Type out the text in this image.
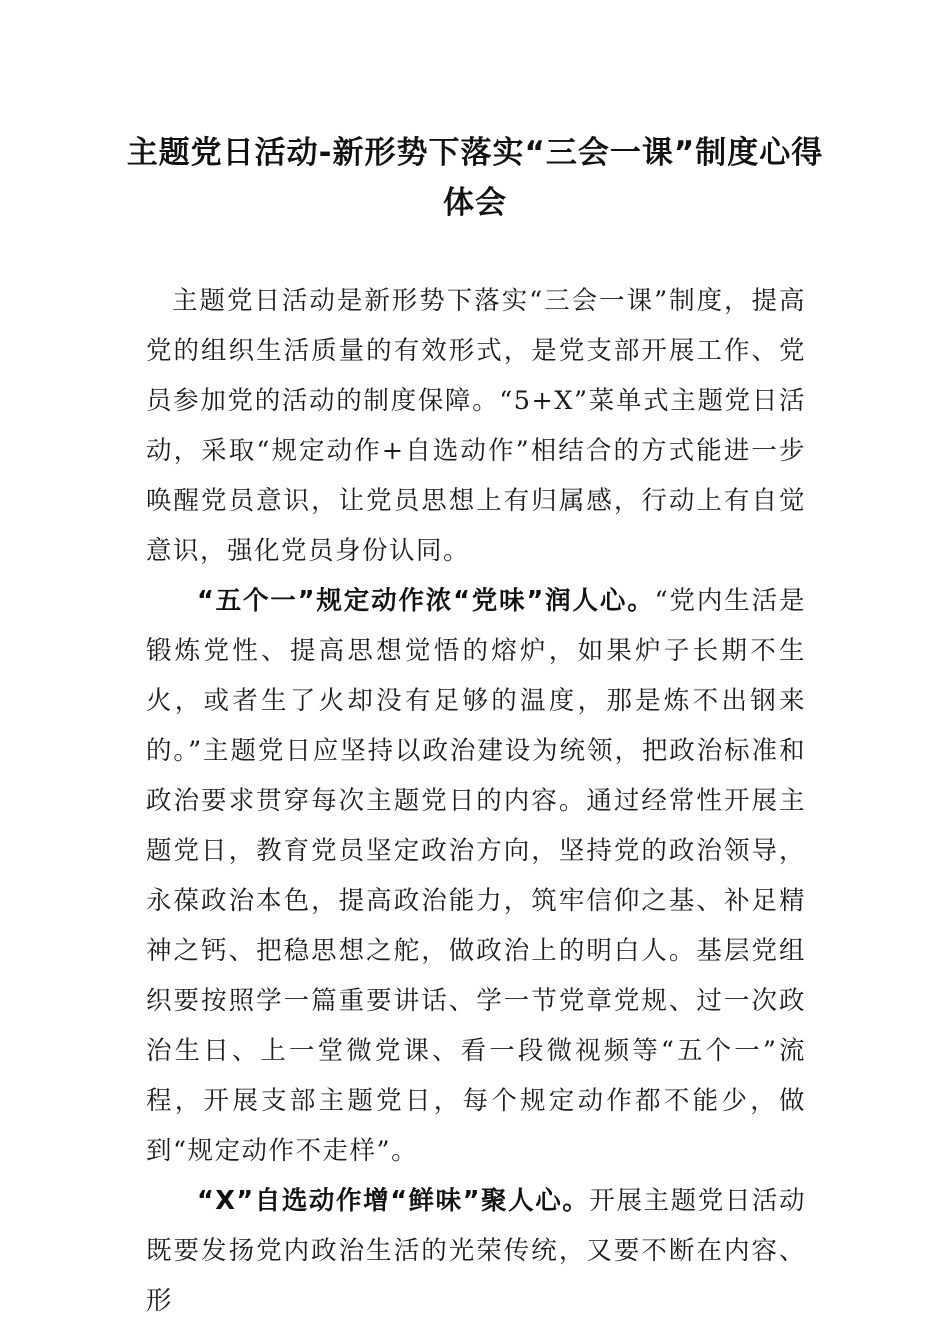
主题党日活动-新形势下落实“三会一课”制度心得体会

主题党日活动是新形势下落实“三会一课”制度，提高党的组织生活质量的有效形式，是党支部开展工作、党员参加党的活动的制度保障。“5+X”菜单式主题党日活动，采取“规定动作+自选动作”相结合的方式能进一步唤醒党员意识，让党员思想上有归属感，行动上有自觉意识，强化党员身份认同。

“五个一”规定动作浓“党味”润人心。“党内生活是锻炼党性、提高思想觉悟的熔炉，如果炉子长期不生火，或者生了火却没有足够的温度，那是炼不出钢来的。”主题党日应坚持以政治建设为统领，把政治标准和政治要求贯穿每次主题党日的内容。通过经常性开展主题党日，教育党员坚定政治方向，坚持党的政治领导，永葆政治本色，提高政治能力，筑牢信仰之基、补足精神之钙、把稳思想之舵，做政治上的明白人。基层党组织要按照学一篇重要讲话、学一节党章党规、过一次政治生日、上一堂微党课、看一段微视频等“五个一”流程，开展支部主题党日，每个规定动作都不能少，做到“规定动作不走样”。

“X”自选动作增“鲜味”聚人心。开展主题党日活动既要发扬党内政治生活的光荣传统，又要不断在内容、形
